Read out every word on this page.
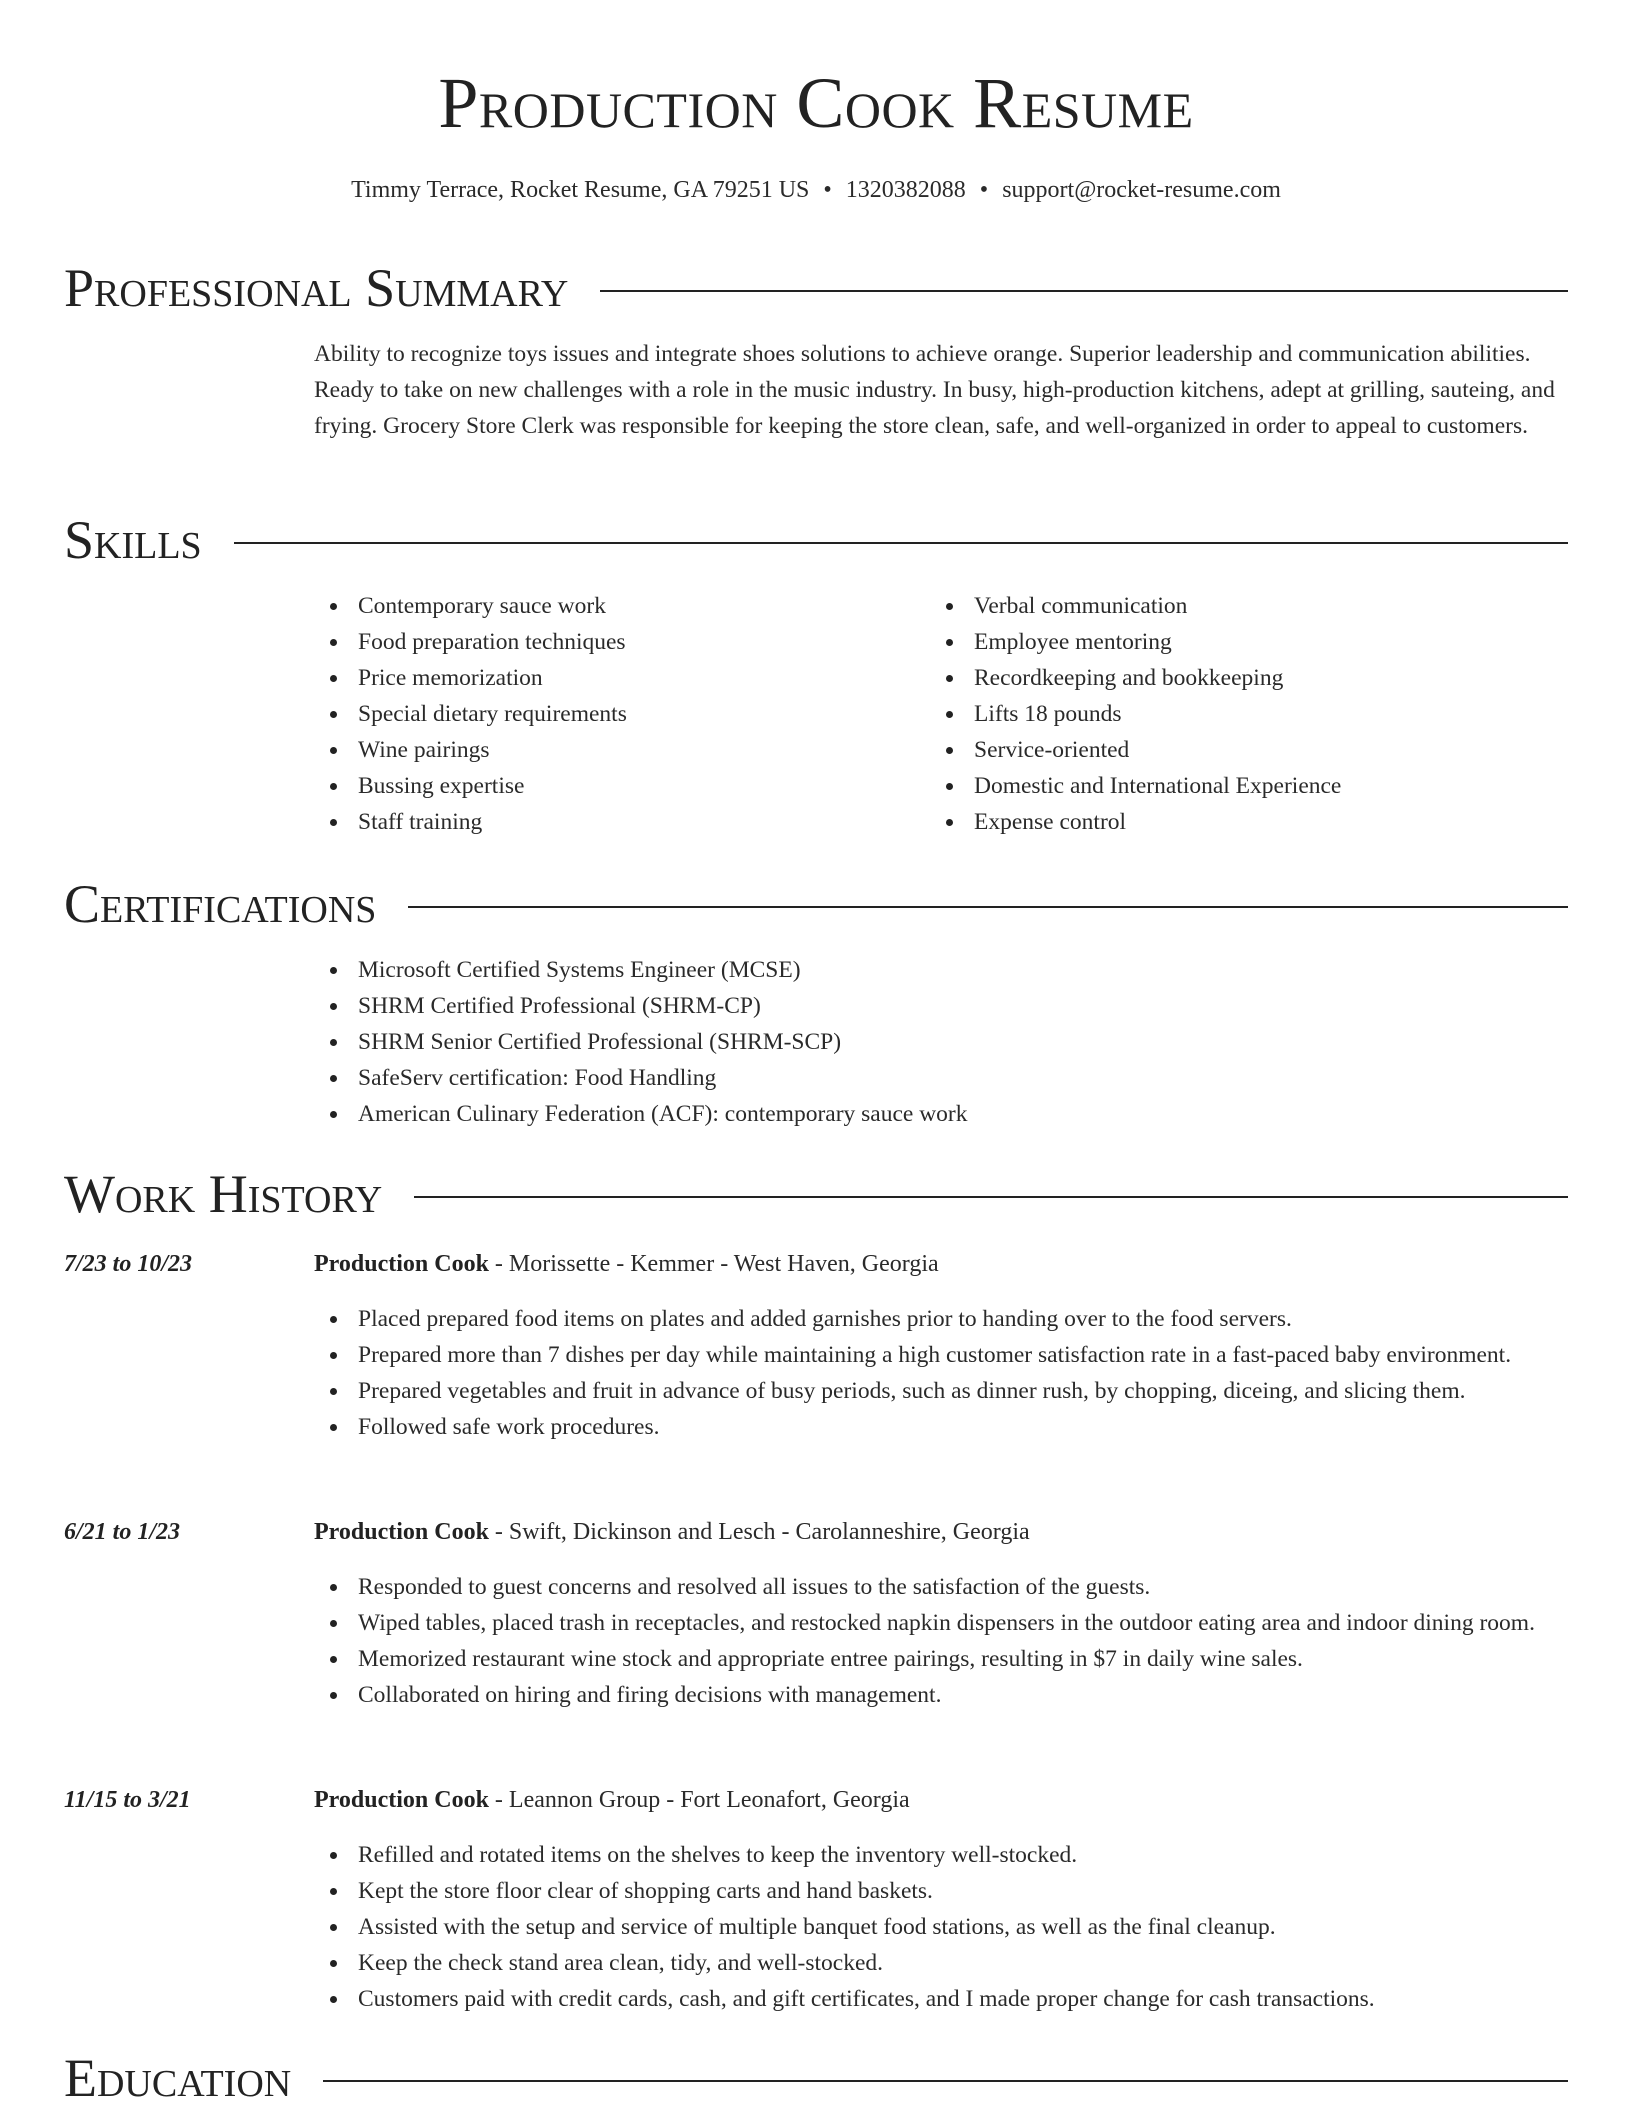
Production Cook Resume
Timmy Terrace, Rocket Resume, GA 79251 US • 1320382088 • support@rocket-resume.com
Professional Summary
Ability to recognize toys issues and integrate shoes solutions to achieve orange. Superior leadership and communication abilities. Ready to take on new challenges with a role in the music industry. In busy, high-production kitchens, adept at grilling, sauteing, and frying. Grocery Store Clerk was responsible for keeping the store clean, safe, and well-organized in order to appeal to customers.
Skills
Contemporary sauce work
Food preparation techniques
Price memorization
Special dietary requirements
Wine pairings
Bussing expertise
Staff training
Verbal communication
Employee mentoring
Recordkeeping and bookkeeping
Lifts 18 pounds
Service-oriented
Domestic and International Experience
Expense control
Certifications
Microsoft Certified Systems Engineer (MCSE)
SHRM Certified Professional (SHRM-CP)
SHRM Senior Certified Professional (SHRM-SCP)
SafeServ certification: Food Handling
American Culinary Federation (ACF): contemporary sauce work
Work History
7/23 to 10/23	Production Cook - Morissette - Kemmer - West Haven, Georgia
Placed prepared food items on plates and added garnishes prior to handing over to the food servers.
Prepared more than 7 dishes per day while maintaining a high customer satisfaction rate in a fast-paced baby environment.
Prepared vegetables and fruit in advance of busy periods, such as dinner rush, by chopping, diceing, and slicing them.
Followed safe work procedures.
6/21 to 1/23	Production Cook - Swift, Dickinson and Lesch - Carolanneshire, Georgia
Responded to guest concerns and resolved all issues to the satisfaction of the guests.
Wiped tables, placed trash in receptacles, and restocked napkin dispensers in the outdoor eating area and indoor dining room.
Memorized restaurant wine stock and appropriate entree pairings, resulting in $7 in daily wine sales.
Collaborated on hiring and firing decisions with management.
11/15 to 3/21	Production Cook - Leannon Group - Fort Leonafort, Georgia
Refilled and rotated items on the shelves to keep the inventory well-stocked.
Kept the store floor clear of shopping carts and hand baskets.
Assisted with the setup and service of multiple banquet food stations, as well as the final cleanup.
Keep the check stand area clean, tidy, and well-stocked.
Customers paid with credit cards, cash, and gift certificates, and I made proper change for cash transactions.
Education
